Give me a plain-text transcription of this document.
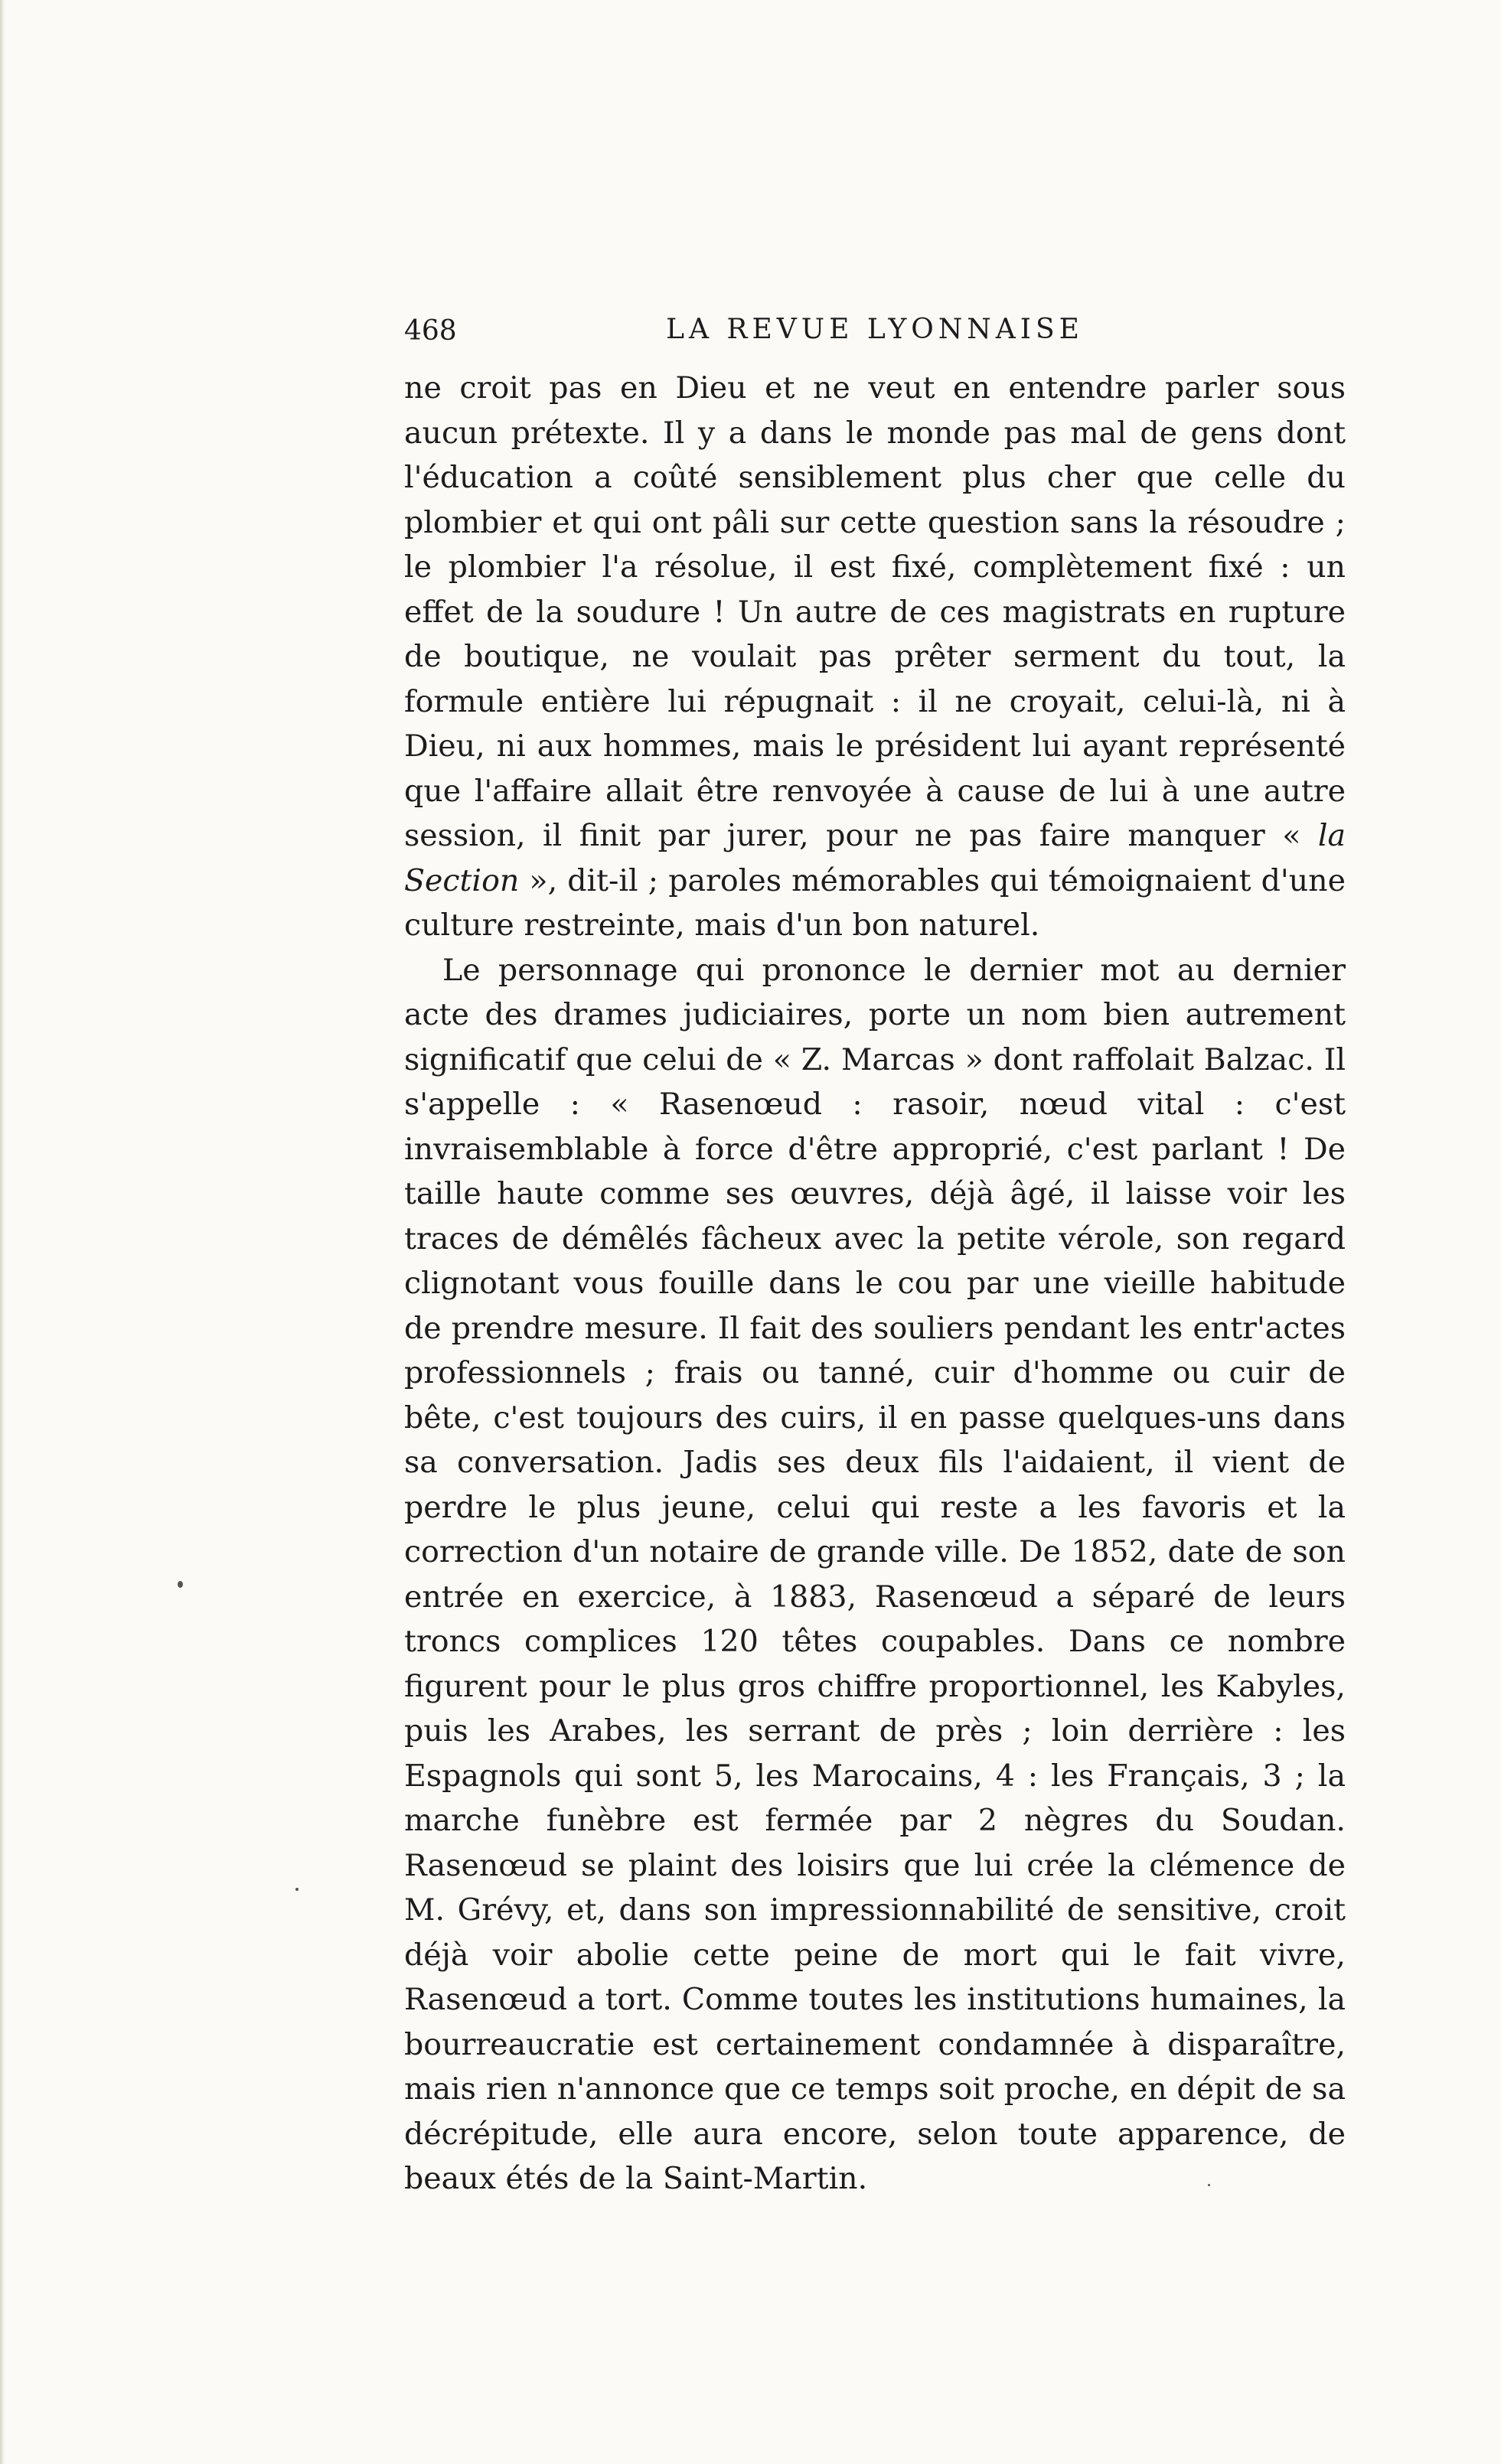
468	LA REVUE LYONNAISE

ne croit pas en Dieu et ne veut en entendre parler sous aucun prétexte. Il y a dans le monde pas mal de gens dont l'éducation a coûté sensiblement plus cher que celle du plombier et qui ont pâli sur cette question sans la résoudre ; le plombier l'a résolue, il est fixé, complètement fixé : un effet de la soudure ! Un autre de ces magistrats en rupture de boutique, ne voulait pas prêter serment du tout, la formule entière lui répugnait : il ne croyait, celui-là, ni à Dieu, ni aux hommes, mais le président lui ayant représenté que l'affaire allait être renvoyée à cause de lui à une autre session, il finit par jurer, pour ne pas faire manquer « la Section », dit-il ; paroles mémorables qui témoignaient d'une culture restreinte, mais d'un bon naturel.

Le personnage qui prononce le dernier mot au dernier acte des drames judiciaires, porte un nom bien autrement significatif que celui de « Z. Marcas » dont raffolait Balzac. Il s'appelle : « Rasenœud : rasoir, nœud vital : c'est invraisemblable à force d'être approprié, c'est parlant ! De taille haute comme ses œuvres, déjà âgé, il laisse voir les traces de démêlés fâcheux avec la petite vérole, son regard clignotant vous fouille dans le cou par une vieille habitude de prendre mesure. Il fait des souliers pendant les entr'actes professionnels ; frais ou tanné, cuir d'homme ou cuir de bête, c'est toujours des cuirs, il en passe quelques-uns dans sa conversation. Jadis ses deux fils l'aidaient, il vient de perdre le plus jeune, celui qui reste a les favoris et la correction d'un notaire de grande ville. De 1852, date de son entrée en exercice, à 1883, Rasenœud a séparé de leurs troncs complices 120 têtes coupables. Dans ce nombre figurent pour le plus gros chiffre proportionnel, les Kabyles, puis les Arabes, les serrant de près ; loin derrière : les Espagnols qui sont 5, les Marocains, 4 : les Français, 3 ; la marche funèbre est fermée par 2 nègres du Soudan. Rasenœud se plaint des loisirs que lui crée la clémence de M. Grévy, et, dans son impressionnabilité de sensitive, croit déjà voir abolie cette peine de mort qui le fait vivre, Rasenœud a tort. Comme toutes les institutions humaines, la bourreaucratie est certainement condamnée à disparaître, mais rien n'annonce que ce temps soit proche, en dépit de sa décrépitude, elle aura encore, selon toute apparence, de beaux étés de la Saint-Martin.
